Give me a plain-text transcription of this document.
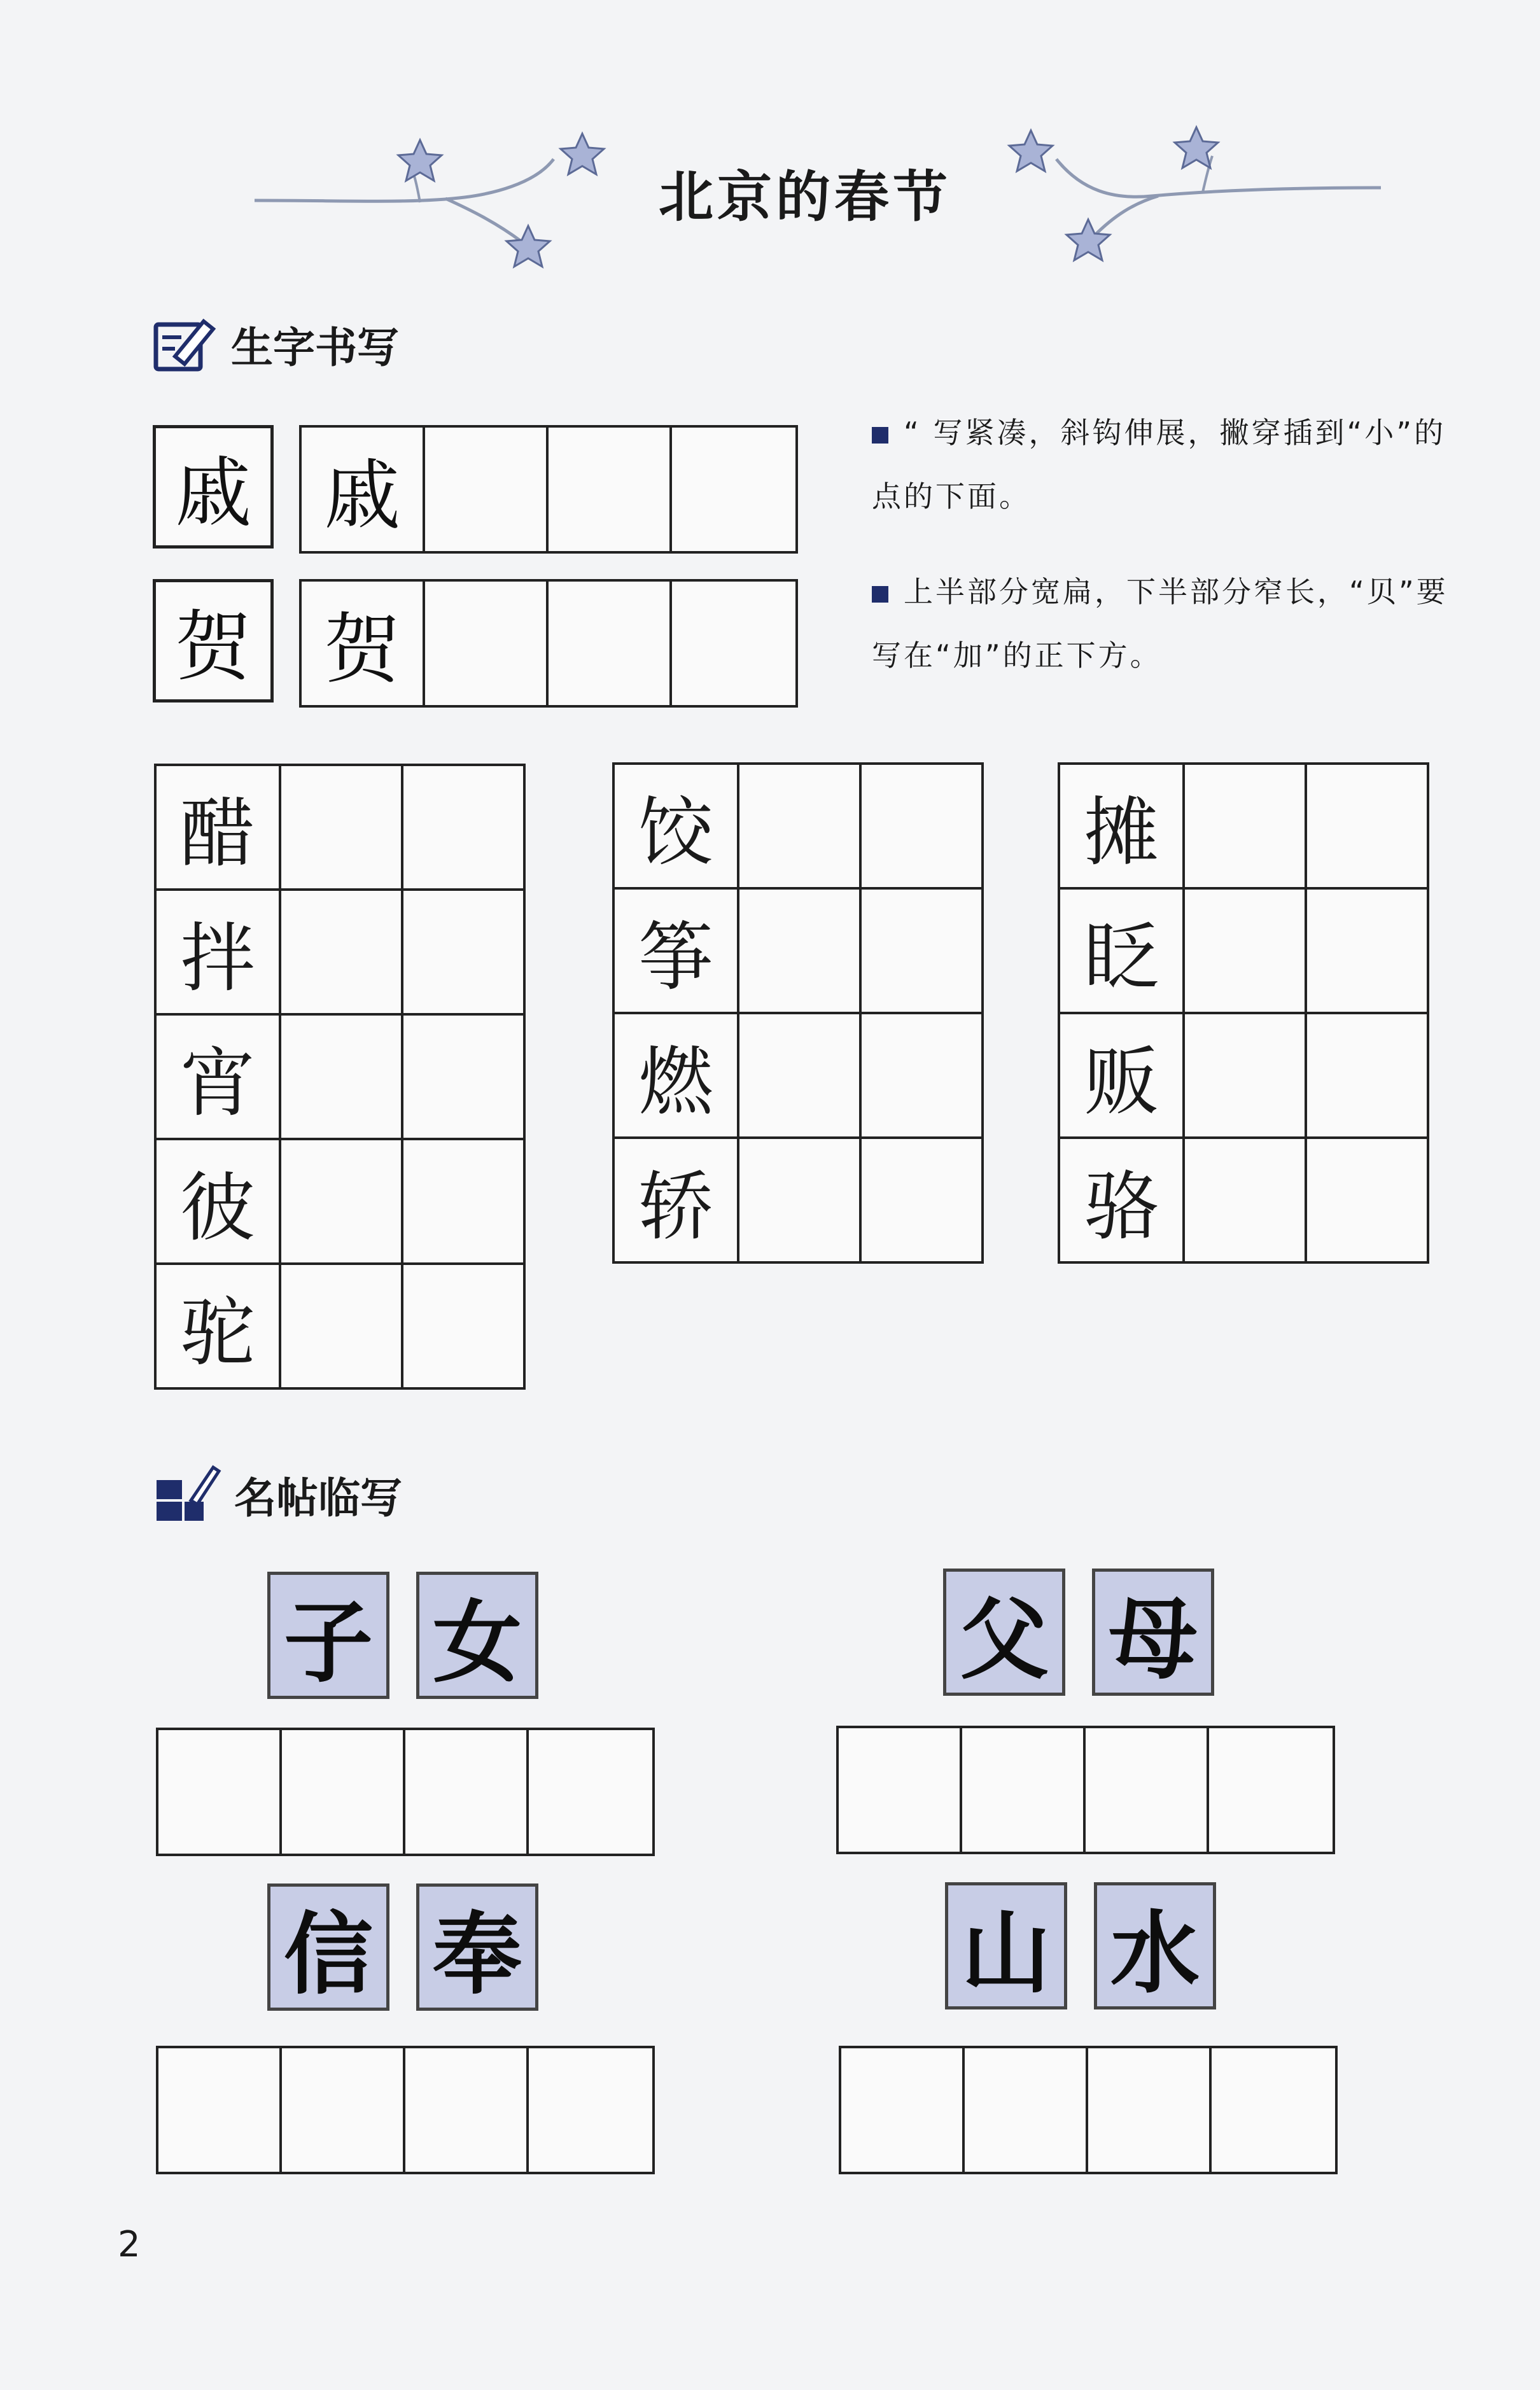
北京的春节
生字书写
戚 戚
贺 贺
“ 写紧凑，斜钩伸展，撇穿插到“小”的点的下面。
上半部分宽扁，下半部分窄长，“贝”要写在“加”的正下方。
醋
拌
宵
彼
驼
饺
筝
燃
轿
摊
眨
贩
骆
名帖临写
子 女	父 母
信 奉	山 水
2
